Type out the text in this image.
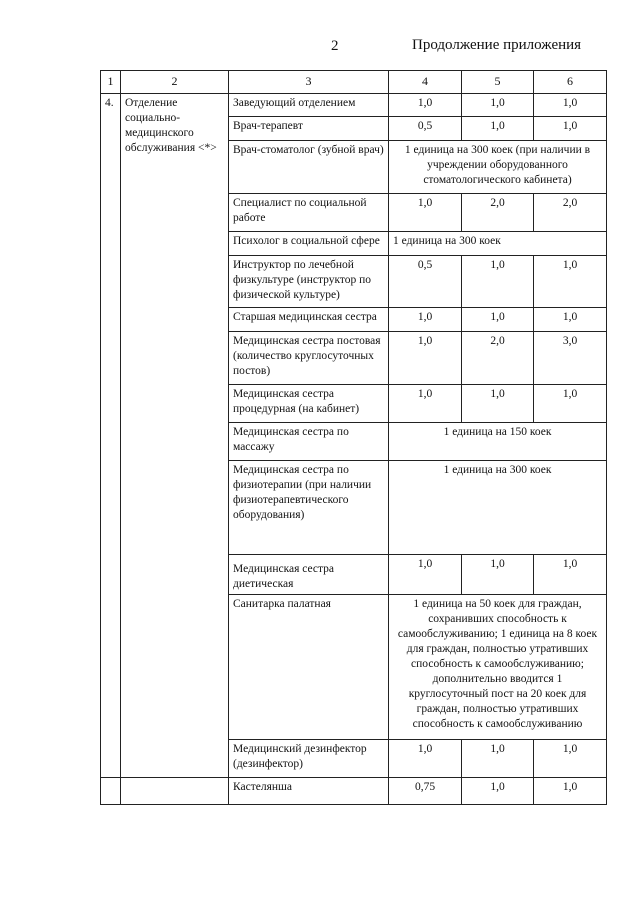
2	Продолжение приложения
1	2	3	4	5	6
4.	Отделение социально-медицинского обслуживания <*>	Заведующий отделением	1,0	1,0	1,0
		Врач-терапевт	0,5	1,0	1,0
		Врач-стоматолог (зубной врач)	1 единица на 300 коек (при наличии в учреждении оборудованного стоматологического кабинета)		
		Специалист по социальной работе	1,0	2,0	2,0
		Психолог в социальной сфере	1 единица на 300 коек		
		Инструктор по лечебной физкультуре (инструктор по физической культуре)	0,5	1,0	1,0
		Старшая медицинская сестра	1,0	1,0	1,0
		Медицинская сестра постовая (количество круглосуточных постов)	1,0	2,0	3,0
		Медицинская сестра процедурная (на кабинет)	1,0	1,0	1,0
		Медицинская сестра по массажу	1 единица на 150 коек		
		Медицинская сестра по физиотерапии (при наличии физиотерапевтического оборудования)	1 единица на 300 коек		
		Медицинская сестра диетическая	1,0	1,0	1,0
		Санитарка палатная	1 единица на 50 коек для граждан, сохранивших способность к самообслуживанию; 1 единица на 8 коек для граждан, полностью утративших способность к самообслуживанию; дополнительно вводится 1 круглосуточный пост на 20 коек для граждан, полностью утративших способность к самообслуживанию		
		Медицинский дезинфектор (дезинфектор)	1,0	1,0	1,0
		Кастелянша	0,75	1,0	1,0
